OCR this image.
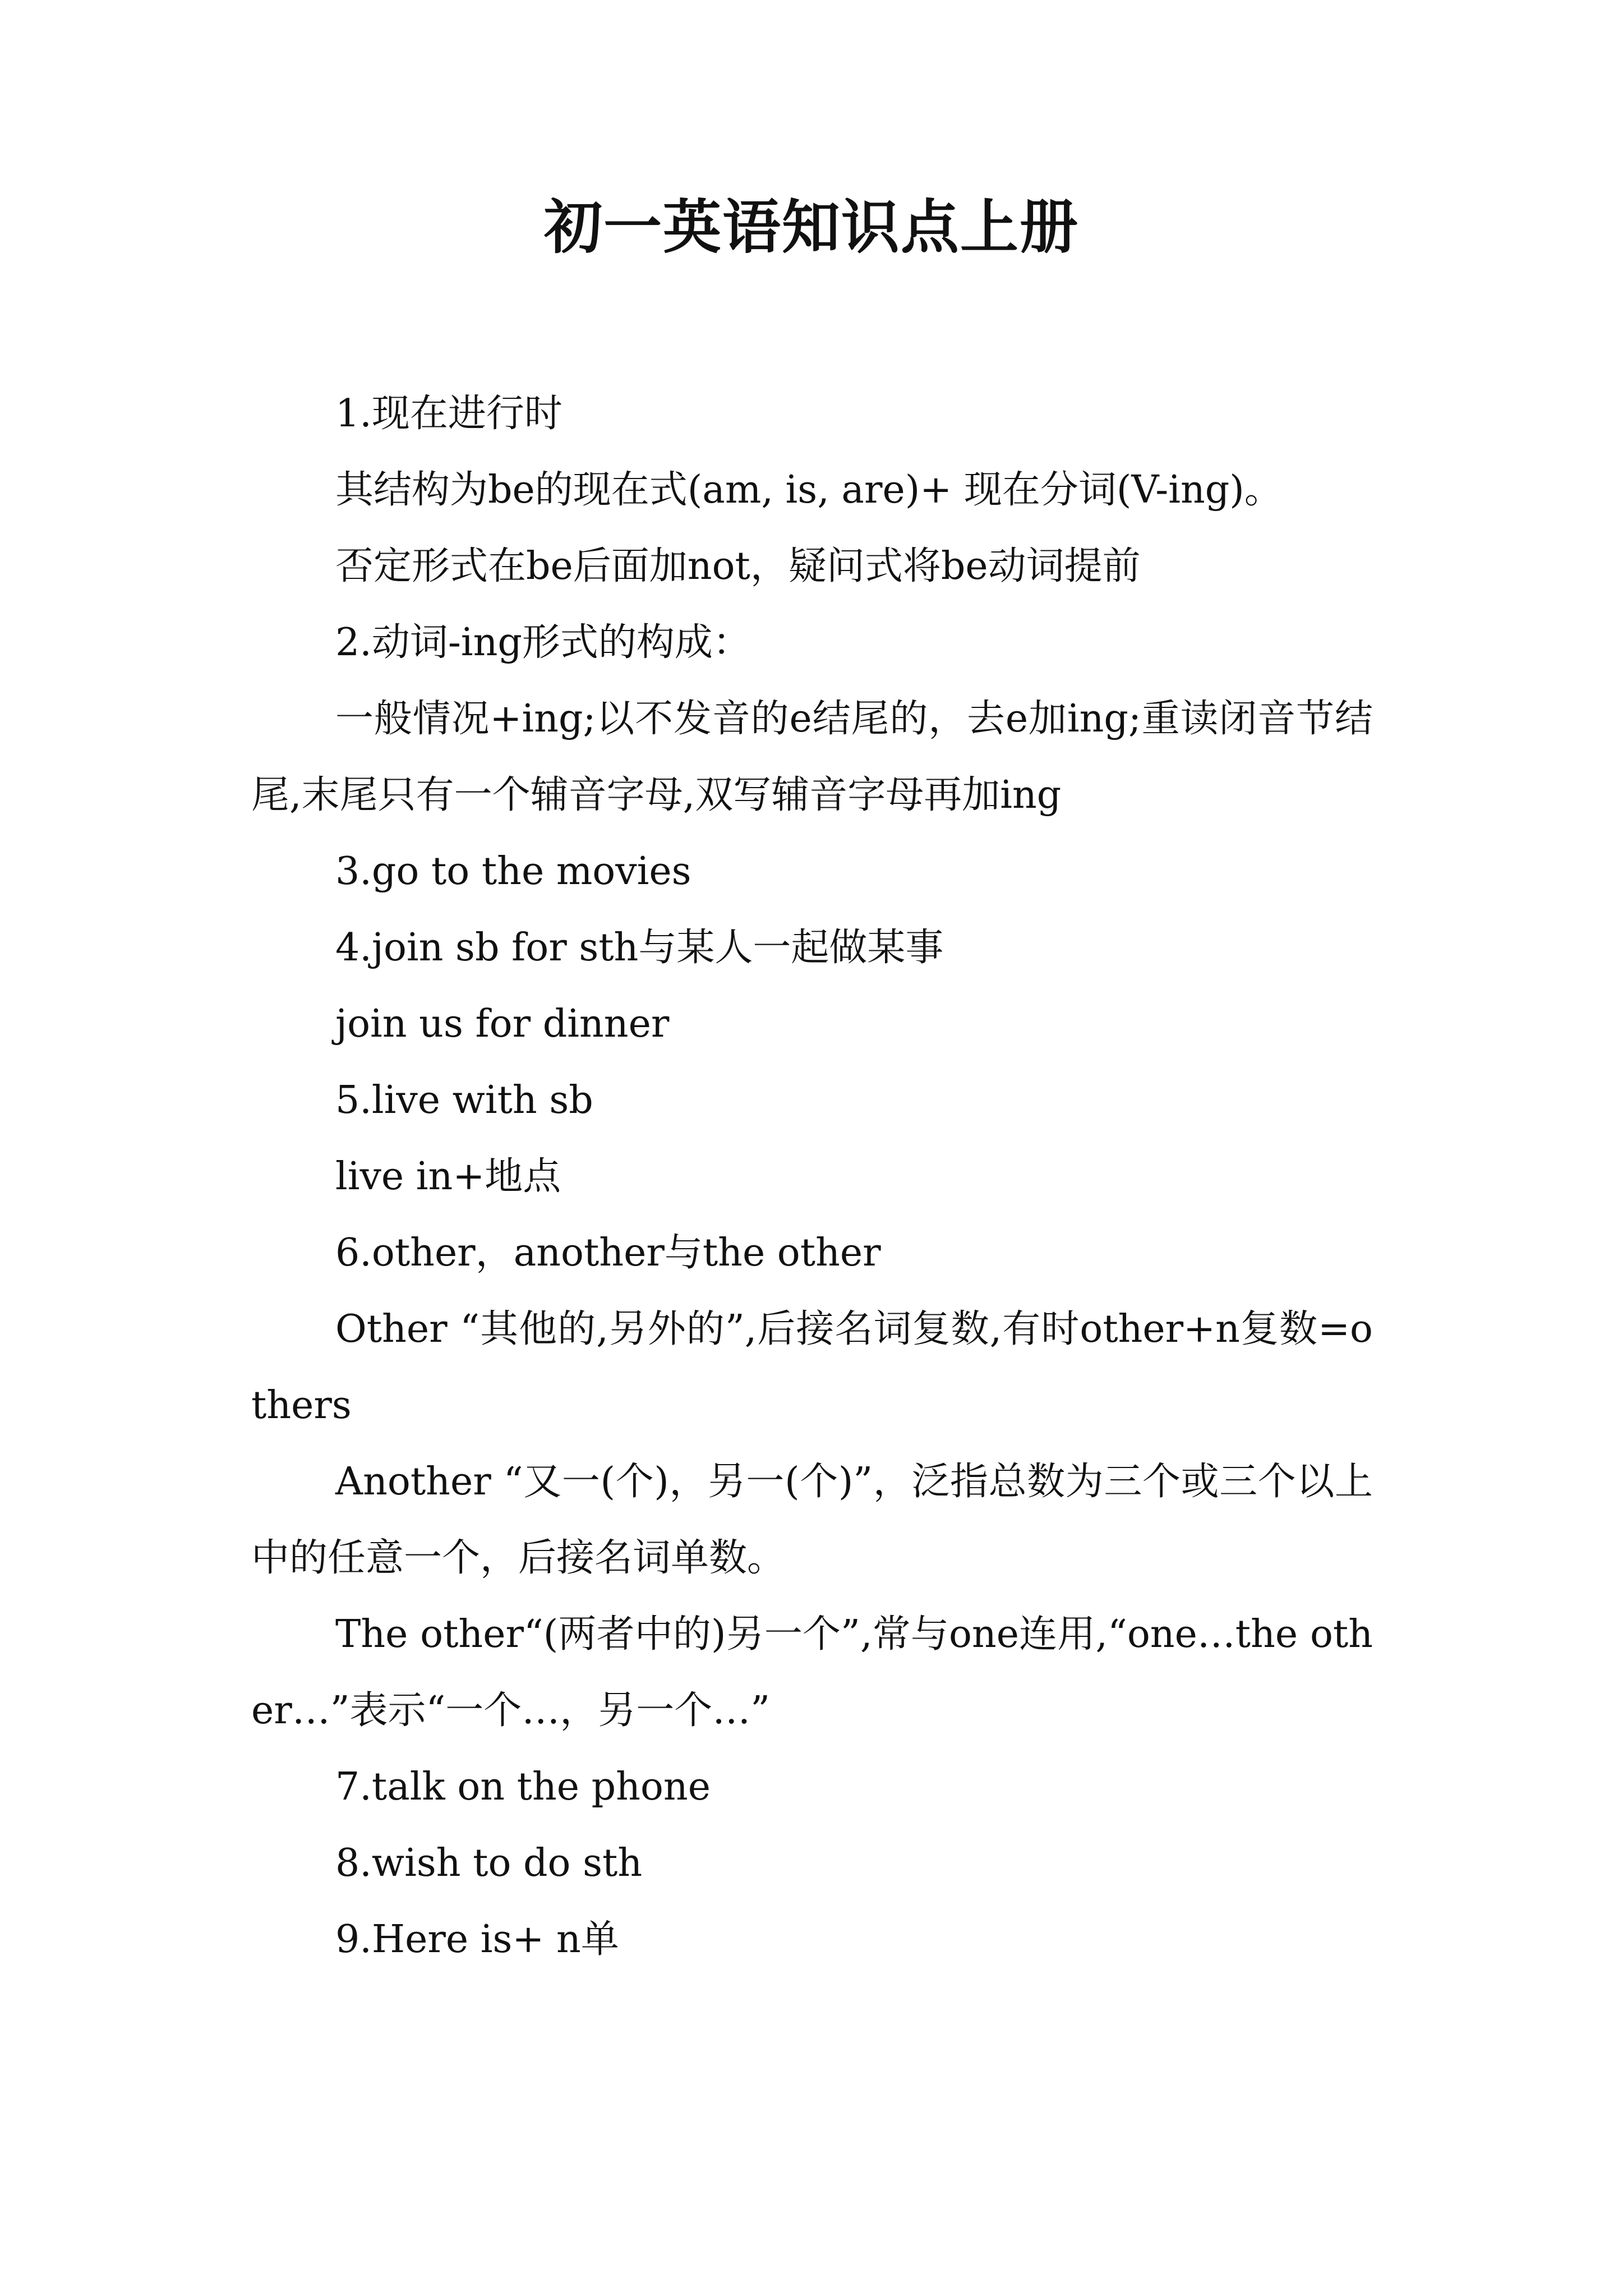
初一英语知识点上册

1.现在进行时

其结构为be的现在式(am, is, are)+ 现在分词(V-ing)。

否定形式在be后面加not，疑问式将be动词提前

2.动词-ing形式的构成：

一般情况+ing;以不发音的e结尾的，去e加ing;重读闭音节结尾,末尾只有一个辅音字母,双写辅音字母再加ing

3.go to the movies

4.join sb for sth与某人一起做某事

join us for dinner

5.live with sb

live in+地点

6.other，another与the other

Other “其他的,另外的”,后接名词复数,有时other+n复数=others

Another “又一(个)，另一(个)”，泛指总数为三个或三个以上中的任意一个，后接名词单数。

The other“(两者中的)另一个”,常与one连用,“one…the other…”表示“一个…，另一个…”

7.talk on the phone

8.wish to do sth

9.Here is+ n单
